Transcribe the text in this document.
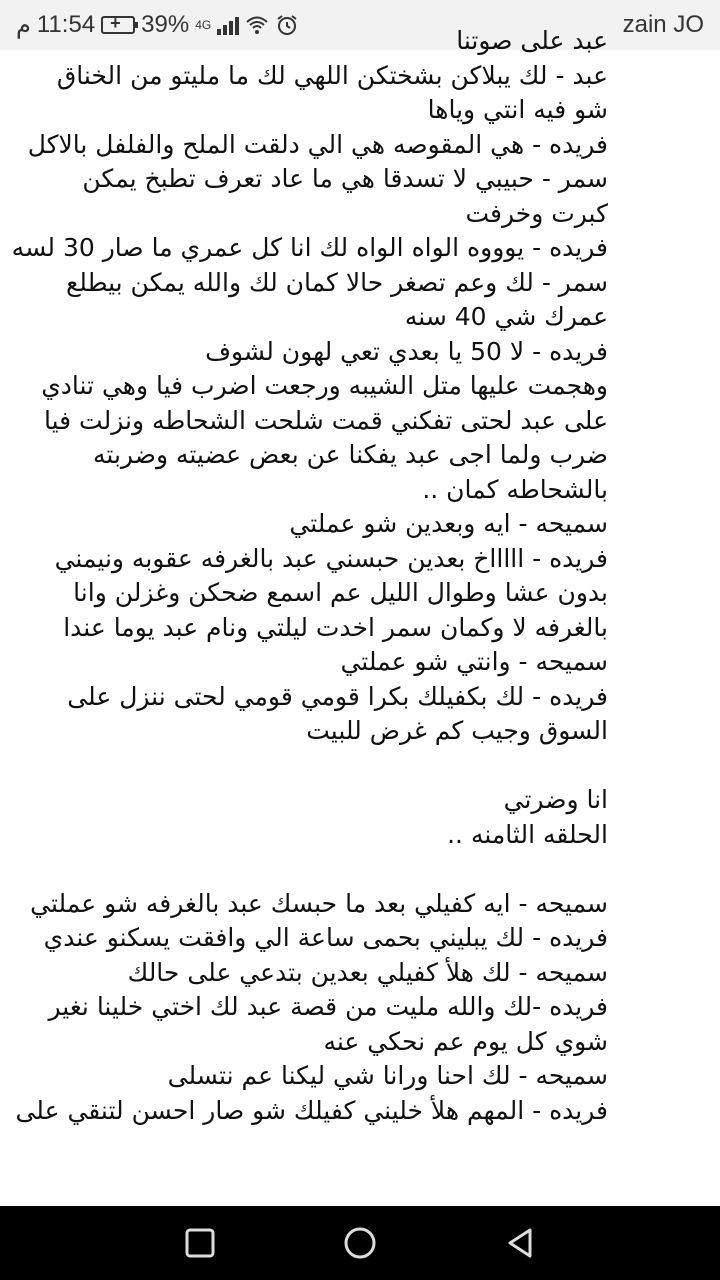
م 11:54 + 39% 4G	zain JO
عبد على صوتنا
عبد - لك يبلاكن بشختكن اللهي لك ما مليتو من الخناق شو فيه انتي وياها
فريده - هي المقوصه هي الي دلقت الملح والفلفل بالاكل
سمر - حبيبي لا تسدقا هي ما عاد تعرف تطبخ يمكن كبرت وخرفت
فريده - يوووه الواه الواه لك انا كل عمري ما صار 30 لسه
سمر - لك وعم تصغر حالا كمان لك والله يمكن بيطلع عمرك شي 40 سنه
فريده - لا 50 يا بعدي تعي لهون لشوف
وهجمت عليها متل الشيبه ورجعت اضرب فيا وهي تنادي على عبد لحتى تفكني قمت شلحت الشحاطه ونزلت فيا ضرب ولما اجى عبد يفكنا عن بعض عضيته وضربته بالشحاطه كمان ..
سميحه - ايه وبعدين شو عملتي
فريده - اااااخ بعدين حبسني عبد بالغرفه عقوبه ونيمني بدون عشا وطوال الليل عم اسمع ضحكن وغزلن وانا بالغرفه لا وكمان سمر اخدت ليلتي ونام عبد يوما عندا
سميحه - وانتي شو عملتي
فريده - لك بكفيلك بكرا قومي قومي لحتى ننزل على السوق وجيب كم غرض للبيت
انا وضرتي
الحلقه الثامنه ..
سميحه - ايه كفيلي بعد ما حبسك عبد بالغرفه شو عملتي
فريده - لك يبليني بحمى ساعة الي وافقت يسكنو عندي
سميحه - لك هلأ كفيلي بعدين بتدعي على حالك
فريده -لك والله مليت من قصة عبد لك اختي خلينا نغير شوي كل يوم عم نحكي عنه
سميحه - لك احنا ورانا شي ليكنا عم نتسلى
فريده - المهم هلأ خليني كفيلك شو صار احسن لتنقي على
